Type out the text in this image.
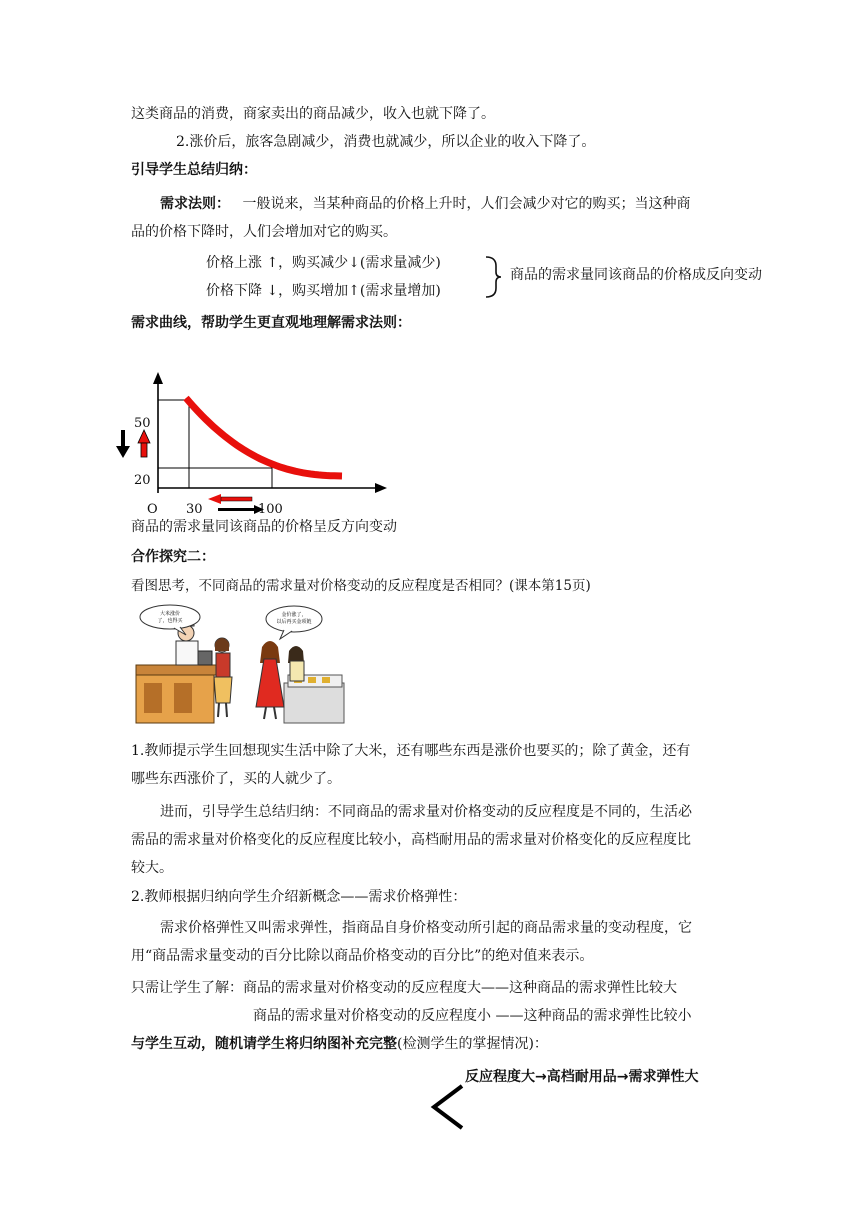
这类商品的消费，商家卖出的商品减少，收入也就下降了。
2.涨价后，旅客急剧减少，消费也就减少，所以企业的收入下降了。
引导学生总结归纳：
需求法则： 一般说来，当某种商品的价格上升时，人们会减少对它的购买；当这种商
品的价格下降时，人们会增加对它的购买。
价格上涨 ↑，购买减少↓(需求量减少)
价格下降 ↓，购买增加↑(需求量增加)
商品的需求量同该商品的价格成反向变动
需求曲线，帮助学生更直观地理解需求法则：
50
20
O 30	100
商品的需求量同该商品的价格呈反方向变动
合作探究二：
看图思考，不同商品的需求量对价格变动的反应程度是否相同？(课本第15页)
大米涨价
了，也得买
金价涨了，
以后再买金项链
1.教师提示学生回想现实生活中除了大米，还有哪些东西是涨价也要买的；除了黄金，还有
哪些东西涨价了，买的人就少了。
进而，引导学生总结归纳：不同商品的需求量对价格变动的反应程度是不同的，生活必
需品的需求量对价格变化的反应程度比较小，高档耐用品的需求量对价格变化的反应程度比
较大。
2.教师根据归纳向学生介绍新概念——需求价格弹性：
需求价格弹性又叫需求弹性，指商品自身价格变动所引起的商品需求量的变动程度，它
用“商品需求量变动的百分比除以商品价格变动的百分比”的绝对值来表示。
只需让学生了解：商品的需求量对价格变动的反应程度大——这种商品的需求弹性比较大
商品的需求量对价格变动的反应程度小 ——这种商品的需求弹性比较小
与学生互动，随机请学生将归纳图补充完整(检测学生的掌握情况)：
反应程度大→高档耐用品→需求弹性大
